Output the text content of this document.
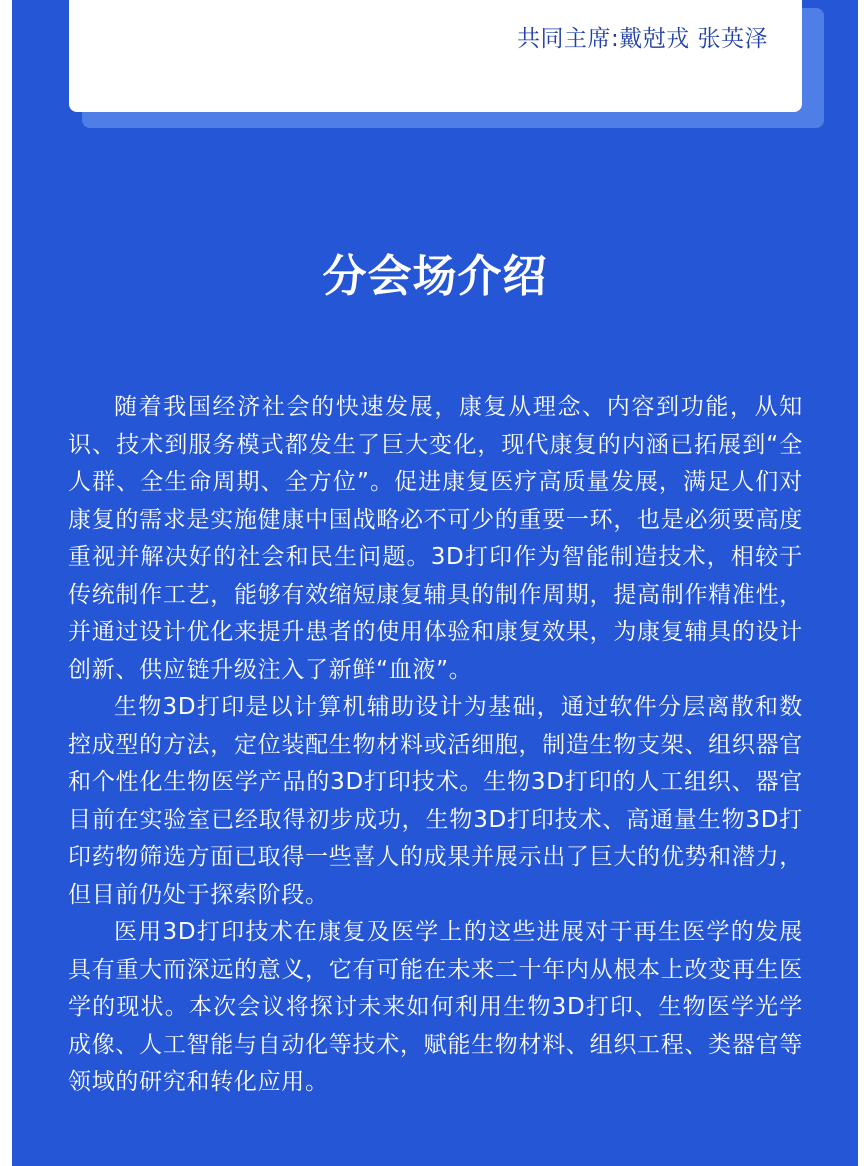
共同主席:戴尅戎 张英泽
分会场介绍

随着我国经济社会的快速发展，康复从理念、内容到功能，从知识、技术到服务模式都发生了巨大变化，现代康复的内涵已拓展到“全人群、全生命周期、全方位”。促进康复医疗高质量发展，满足人们对康复的需求是实施健康中国战略必不可少的重要一环，也是必须要高度重视并解决好的社会和民生问题。3D打印作为智能制造技术，相较于传统制作工艺，能够有效缩短康复辅具的制作周期，提高制作精准性，并通过设计优化来提升患者的使用体验和康复效果，为康复辅具的设计创新、供应链升级注入了新鲜“血液”。

生物3D打印是以计算机辅助设计为基础，通过软件分层离散和数控成型的方法，定位装配生物材料或活细胞，制造生物支架、组织器官和个性化生物医学产品的3D打印技术。生物3D打印的人工组织、器官目前在实验室已经取得初步成功，生物3D打印技术、高通量生物3D打印药物筛选方面已取得一些喜人的成果并展示出了巨大的优势和潜力，但目前仍处于探索阶段。

医用3D打印技术在康复及医学上的这些进展对于再生医学的发展具有重大而深远的意义，它有可能在未来二十年内从根本上改变再生医学的现状。本次会议将探讨未来如何利用生物3D打印、生物医学光学成像、人工智能与自动化等技术，赋能生物材料、组织工程、类器官等领域的研究和转化应用。
